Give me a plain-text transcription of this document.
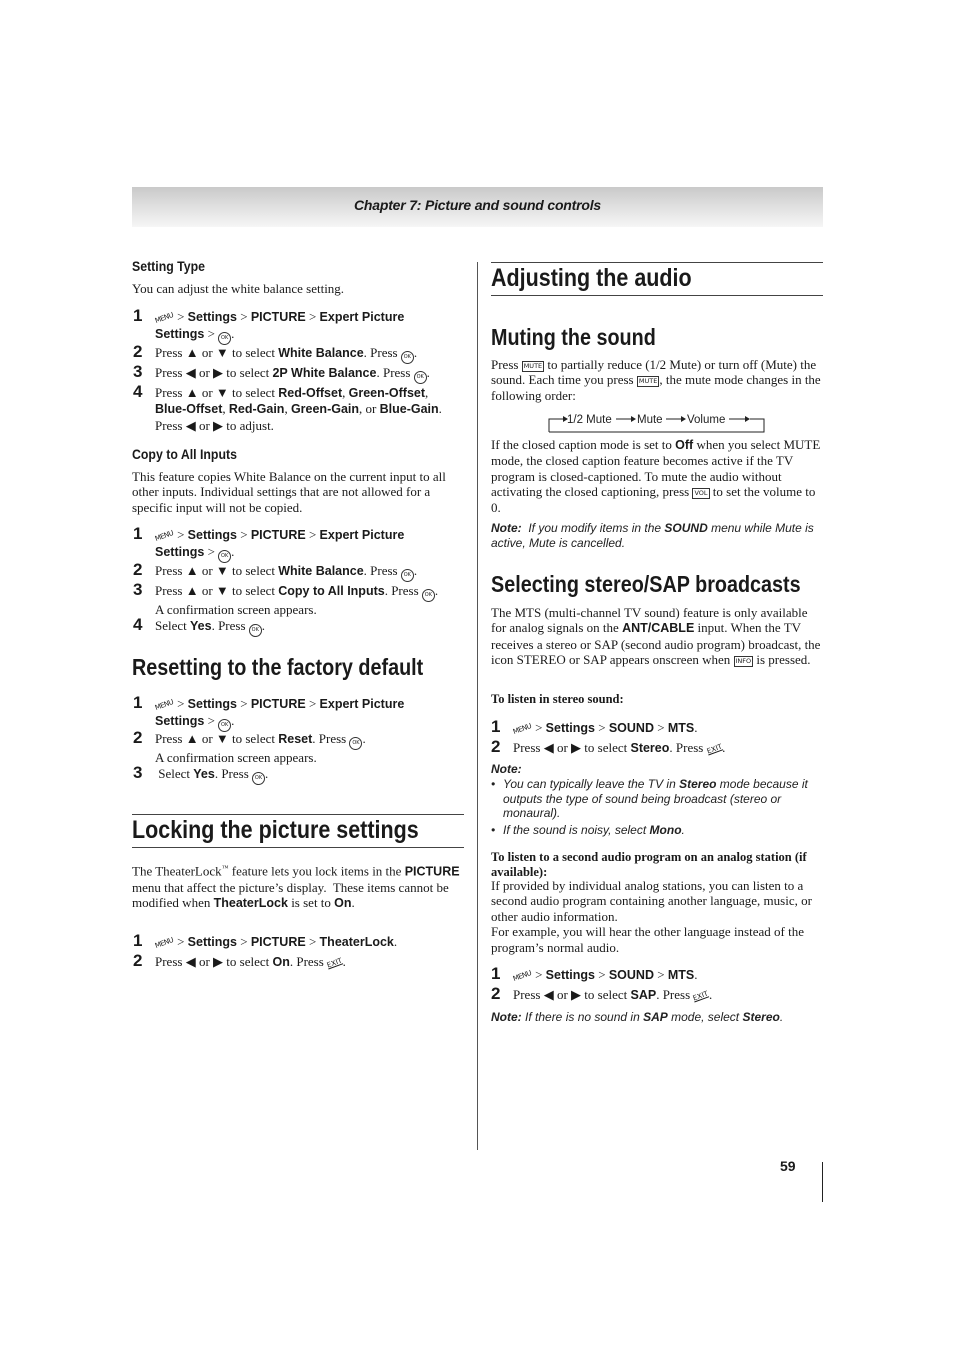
Chapter 7: Picture and sound controls
Setting Type

You can adjust the white balance setting.

1 MENU > Settings > PICTURE > Expert Picture Settings > OK .
2 Press ▲ or ▼ to select White Balance. Press OK .
3 Press ◀ or ▶ to select 2P White Balance. Press OK .
4 Press ▲ or ▼ to select Red-Offset, Green-Offset, Blue-Offset, Red-Gain, Green-Gain, or Blue-Gain. Press ◀ or ▶ to adjust.
Copy to All Inputs

This feature copies White Balance on the current input to all other inputs. Individual settings that are not allowed for a specific input will not be copied.

1 MENU > Settings > PICTURE > Expert Picture Settings > OK .
2 Press ▲ or ▼ to select White Balance. Press OK .
3 Press ▲ or ▼ to select Copy to All Inputs. Press OK .
A confirmation screen appears.
4 Select Yes. Press OK .
Resetting to the factory default
1 MENU > Settings > PICTURE > Expert Picture Settings > OK .
2 Press ▲ or ▼ to select Reset. Press OK .
A confirmation screen appears.
3 Select Yes. Press OK .
Locking the picture settings

The TheaterLock™ feature lets you lock items in the PICTURE menu that affect the picture’s display.  These items cannot be modified when TheaterLock is set to On.

1 MENU > Settings > PICTURE > TheaterLock.
2 Press ◀ or ▶ to select On. Press EXIT.
Adjusting the audio
Muting the sound

Press MUTE to partially reduce (1/2 Mute) or turn off (Mute) the sound. Each time you press MUTE , the mute mode changes in the following order:

1/2 Mute Mute Volume

If the closed caption mode is set to Off when you select MUTE mode, the closed caption feature becomes active if the TV program is closed-captioned. To mute the audio without activating the closed captioning, press VOL to set the volume to 0.

Note:  If you modify items in the SOUND menu while Mute is active, Mute is cancelled.

Selecting stereo/SAP broadcasts

The MTS (multi-channel TV sound) feature is only available for analog signals on the ANT/CABLE input. When the TV receives a stereo or SAP (second audio program) broadcast, the icon STEREO or SAP appears onscreen when INFO is pressed.

To listen in stereo sound:
1 MENU > Settings > SOUND > MTS.
2 Press ◀ or ▶ to select Stereo. Press EXIT.
Note:
• You can typically leave the TV in Stereo mode because it outputs the type of sound being broadcast (stereo or monaural).
• If the sound is noisy, select Mono.
To listen to a second audio program on an analog station (if available):

If provided by individual analog stations, you can listen to a second audio program containing another language, music, or other audio information.
For example, you will hear the other language instead of the program’s normal audio.

1 MENU > Settings > SOUND > MTS.
2 Press ◀ or ▶ to select SAP. Press EXIT.

Note: If there is no sound in SAP mode, select Stereo.

59
